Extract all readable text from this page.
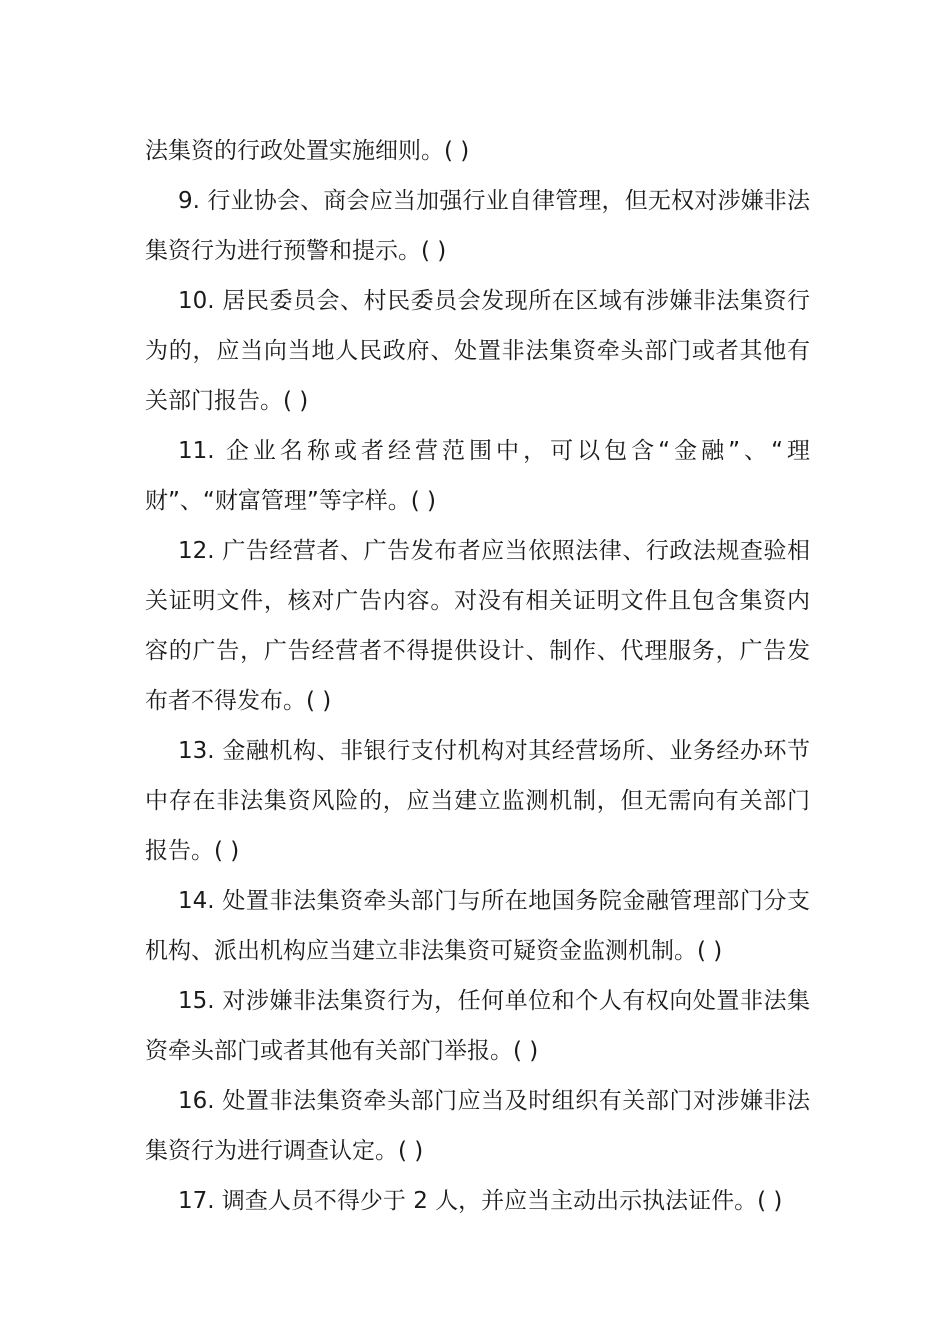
法集资的行政处置实施细则。( )

9. 行业协会、商会应当加强行业自律管理，但无权对涉嫌非法集资行为进行预警和提示。( )

10. 居民委员会、村民委员会发现所在区域有涉嫌非法集资行为的，应当向当地人民政府、处置非法集资牵头部门或者其他有关部门报告。( )

11. 企业名称或者经营范围中，可以包含“金融”、“理财”、“财富管理”等字样。( )

12. 广告经营者、广告发布者应当依照法律、行政法规查验相关证明文件，核对广告内容。对没有相关证明文件且包含集资内容的广告，广告经营者不得提供设计、制作、代理服务，广告发布者不得发布。( )

13. 金融机构、非银行支付机构对其经营场所、业务经办环节中存在非法集资风险的，应当建立监测机制，但无需向有关部门报告。( )

14. 处置非法集资牵头部门与所在地国务院金融管理部门分支机构、派出机构应当建立非法集资可疑资金监测机制。( )

15. 对涉嫌非法集资行为，任何单位和个人有权向处置非法集资牵头部门或者其他有关部门举报。( )

16. 处置非法集资牵头部门应当及时组织有关部门对涉嫌非法集资行为进行调查认定。( )

17. 调查人员不得少于 2 人，并应当主动出示执法证件。( )
